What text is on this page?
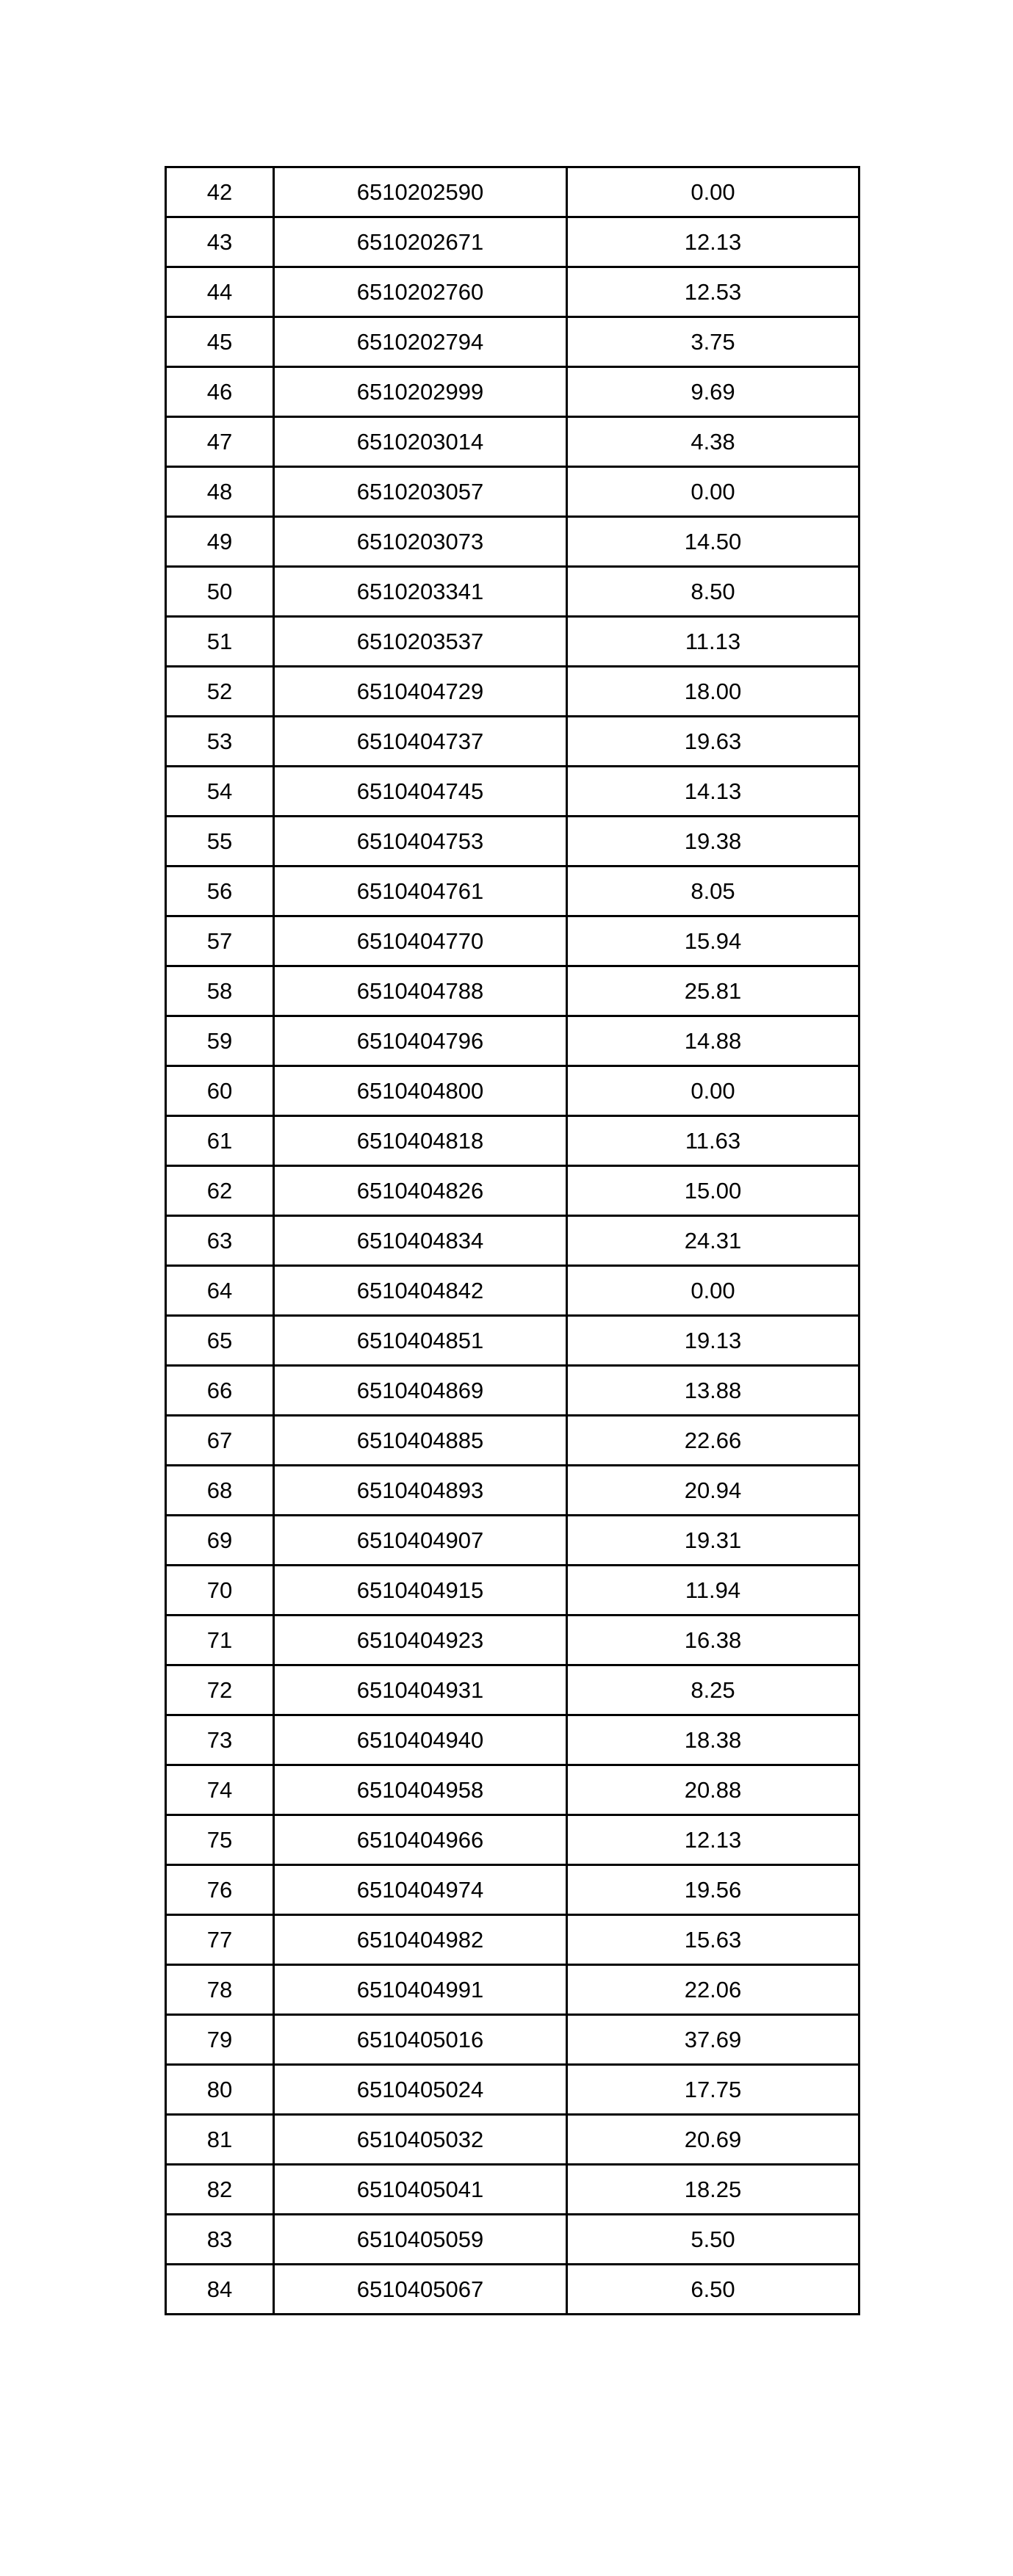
42	6510202590	0.00
43	6510202671	12.13
44	6510202760	12.53
45	6510202794	3.75
46	6510202999	9.69
47	6510203014	4.38
48	6510203057	0.00
49	6510203073	14.50
50	6510203341	8.50
51	6510203537	11.13
52	6510404729	18.00
53	6510404737	19.63
54	6510404745	14.13
55	6510404753	19.38
56	6510404761	8.05
57	6510404770	15.94
58	6510404788	25.81
59	6510404796	14.88
60	6510404800	0.00
61	6510404818	11.63
62	6510404826	15.00
63	6510404834	24.31
64	6510404842	0.00
65	6510404851	19.13
66	6510404869	13.88
67	6510404885	22.66
68	6510404893	20.94
69	6510404907	19.31
70	6510404915	11.94
71	6510404923	16.38
72	6510404931	8.25
73	6510404940	18.38
74	6510404958	20.88
75	6510404966	12.13
76	6510404974	19.56
77	6510404982	15.63
78	6510404991	22.06
79	6510405016	37.69
80	6510405024	17.75
81	6510405032	20.69
82	6510405041	18.25
83	6510405059	5.50
84	6510405067	6.50
